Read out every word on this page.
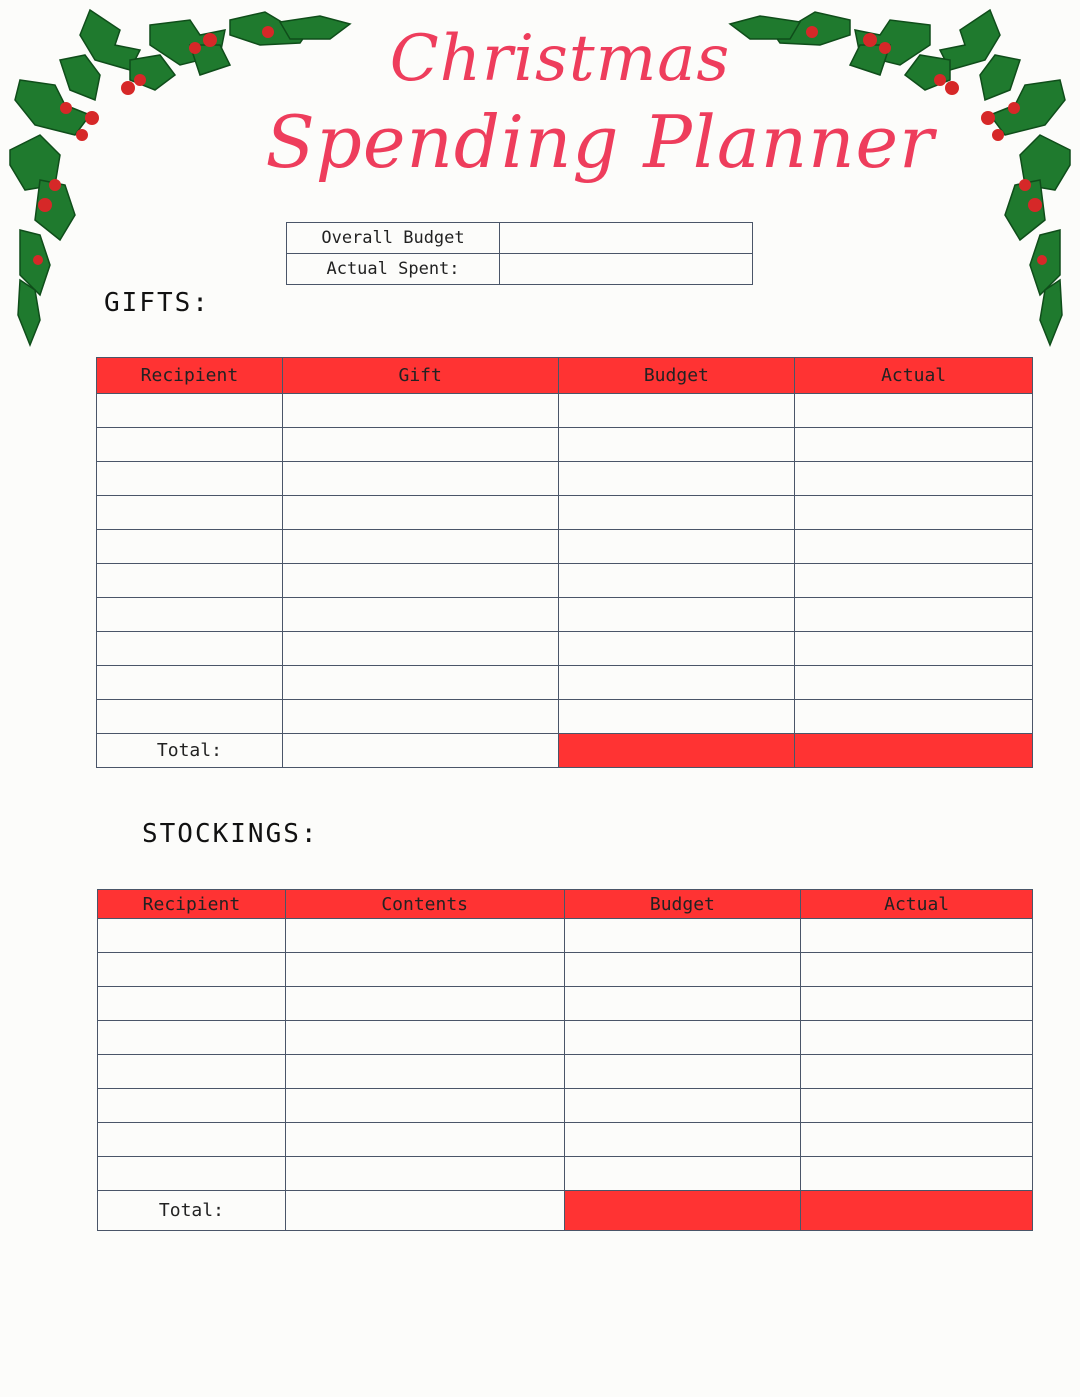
Christmas
Spending Planner
Overall Budget	
Actual Spent:	
GIFTS:
Recipient	Gift	Budget	Actual

Total:			
STOCKINGS:
Recipient	Contents	Budget	Actual

Total:			
